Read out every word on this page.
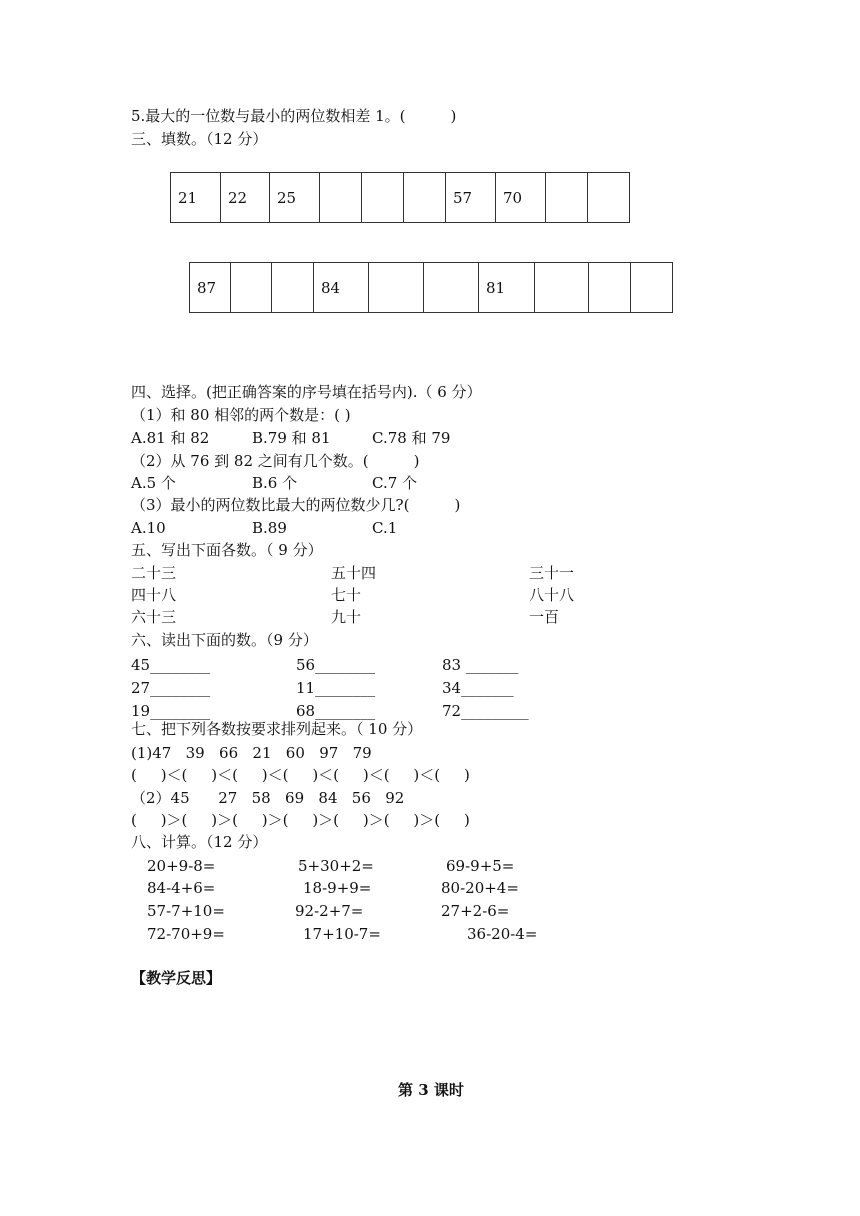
5.最大的一位数与最小的两位数相差 1。(　　　)
三、填数。（12 分）
21	22	25				57	70		
87			84			81			
四、选择。(把正确答案的序号填在括号内).（ 6 分）
（1）和 80 相邻的两个数是：( )
A.81 和 82	B.79 和 81	C.78 和 79
（2）从 76 到 82 之间有几个数。(　　　)
A.5 个	B.6 个	C.7 个
（3）最小的两位数比最大的两位数少几?(　　　)
A.10	B.89	C.1
五、写出下面各数。（ 9 分）
二十三	五十四	三十一
四十八	七十	八十八
六十三	九十	一百
六、读出下面的数。（9 分）
45________	56________	83 _______
27________	11________	34_______
19________	68________	72_________
七、把下列各数按要求排列起来。（ 10 分）
(1)47   39   66   21   60   97   79
(     )＜(     )＜(     )＜(     )＜(     )＜(     )＜(     )
（2）45      27   58   69   84   56   92
(     )＞(     )＞(     )＞(     )＞(     )＞(     )＞(     )
八、计算。（12 分）
20+9-8=	5+30+2=	69-9+5=
84-4+6=	18-9+9=	80-20+4=
57-7+10=	92-2+7=	27+2-6=
72-70+9=	17+10-7=	36-20-4=
【教学反思】
第 3 课时
